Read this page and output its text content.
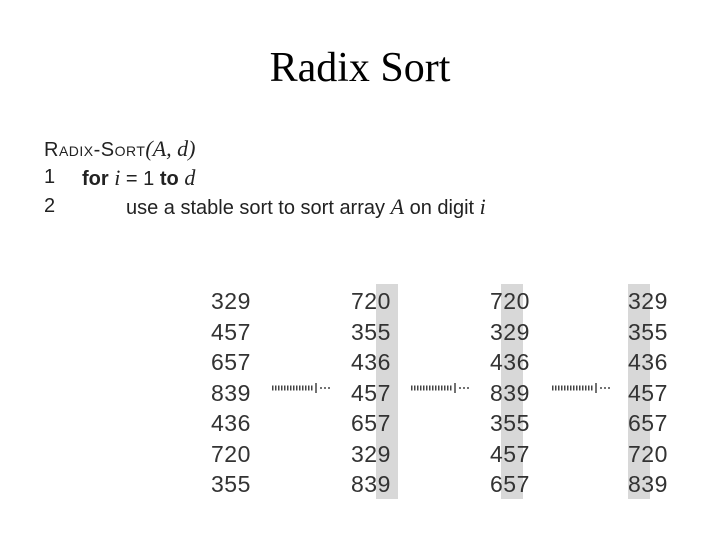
Radix Sort
Radix-Sort(A, d)
1	for i = 1 to d
2	use a stable sort to sort array A on digit i
329
457
657
839
436
720
355
720
355
436
457
657
329
839
720
329
436
839
355
457
657
329
355
436
457
657
720
839
